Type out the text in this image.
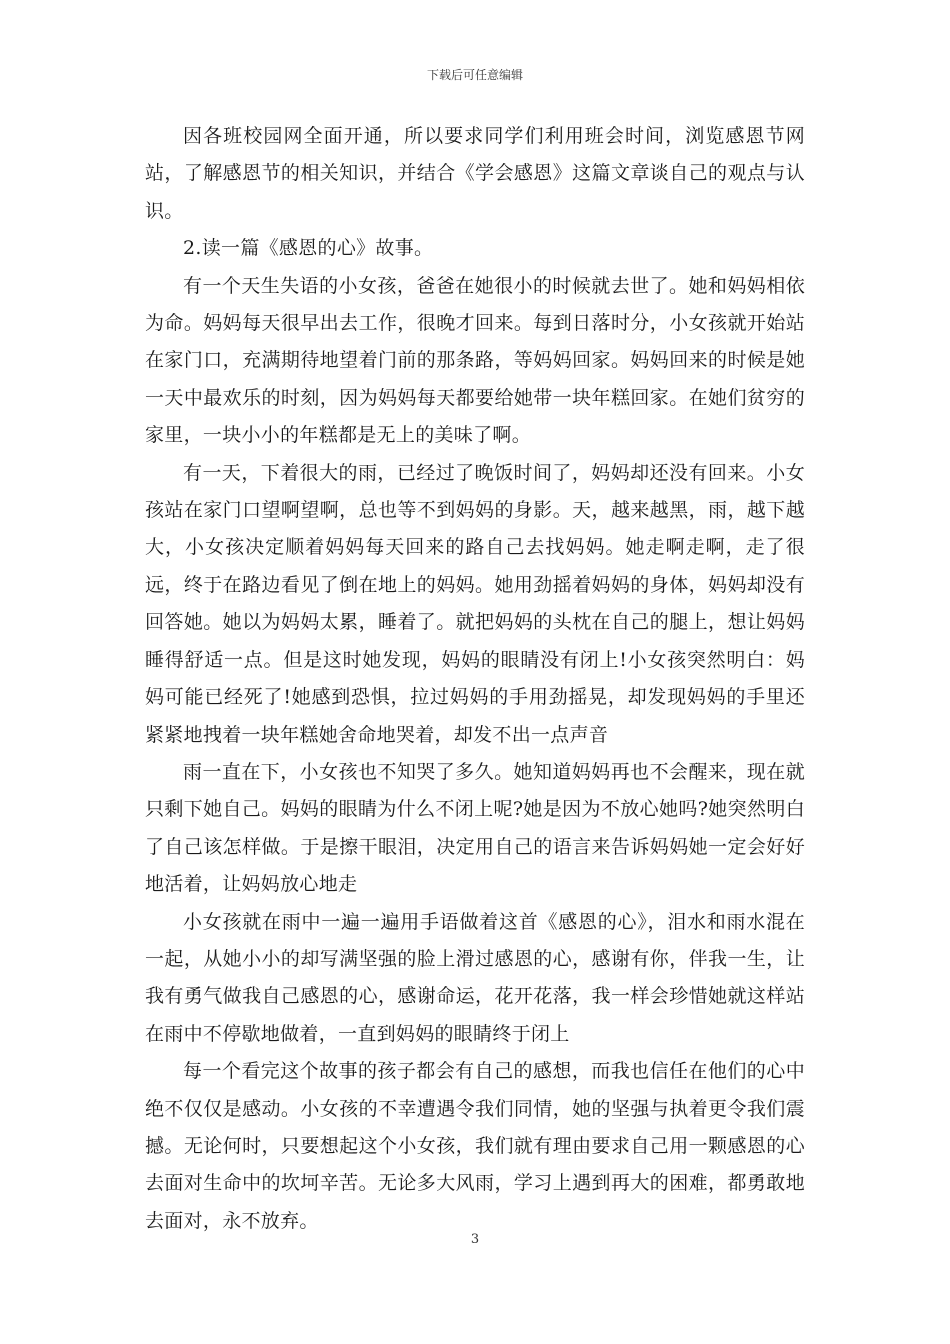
下载后可任意编辑

因各班校园网全面开通，所以要求同学们利用班会时间，浏览感恩节网站，了解感恩节的相关知识，并结合《学会感恩》这篇文章谈自己的观点与认识。

2.读一篇《感恩的心》故事。

有一个天生失语的小女孩，爸爸在她很小的时候就去世了。她和妈妈相依为命。妈妈每天很早出去工作，很晚才回来。每到日落时分，小女孩就开始站在家门口，充满期待地望着门前的那条路，等妈妈回家。妈妈回来的时候是她一天中最欢乐的时刻，因为妈妈每天都要给她带一块年糕回家。在她们贫穷的家里，一块小小的年糕都是无上的美味了啊。

有一天，下着很大的雨，已经过了晚饭时间了，妈妈却还没有回来。小女孩站在家门口望啊望啊，总也等不到妈妈的身影。天，越来越黑，雨，越下越大，小女孩决定顺着妈妈每天回来的路自己去找妈妈。她走啊走啊，走了很远，终于在路边看见了倒在地上的妈妈。她用劲摇着妈妈的身体，妈妈却没有回答她。她以为妈妈太累，睡着了。就把妈妈的头枕在自己的腿上，想让妈妈睡得舒适一点。但是这时她发现，妈妈的眼睛没有闭上!小女孩突然明白：妈妈可能已经死了!她感到恐惧，拉过妈妈的手用劲摇晃，却发现妈妈的手里还紧紧地拽着一块年糕她舍命地哭着，却发不出一点声音

雨一直在下，小女孩也不知哭了多久。她知道妈妈再也不会醒来，现在就只剩下她自己。妈妈的眼睛为什么不闭上呢?她是因为不放心她吗?她突然明白了自己该怎样做。于是擦干眼泪，决定用自己的语言来告诉妈妈她一定会好好地活着，让妈妈放心地走

小女孩就在雨中一遍一遍用手语做着这首《感恩的心》，泪水和雨水混在一起，从她小小的却写满坚强的脸上滑过感恩的心，感谢有你，伴我一生，让我有勇气做我自己感恩的心，感谢命运，花开花落，我一样会珍惜她就这样站在雨中不停歇地做着，一直到妈妈的眼睛终于闭上

每一个看完这个故事的孩子都会有自己的感想，而我也信任在他们的心中绝不仅仅是感动。小女孩的不幸遭遇令我们同情，她的坚强与执着更令我们震撼。无论何时，只要想起这个小女孩，我们就有理由要求自己用一颗感恩的心去面对生命中的坎坷辛苦。无论多大风雨，学习上遇到再大的困难，都勇敢地去面对，永不放弃。

3
